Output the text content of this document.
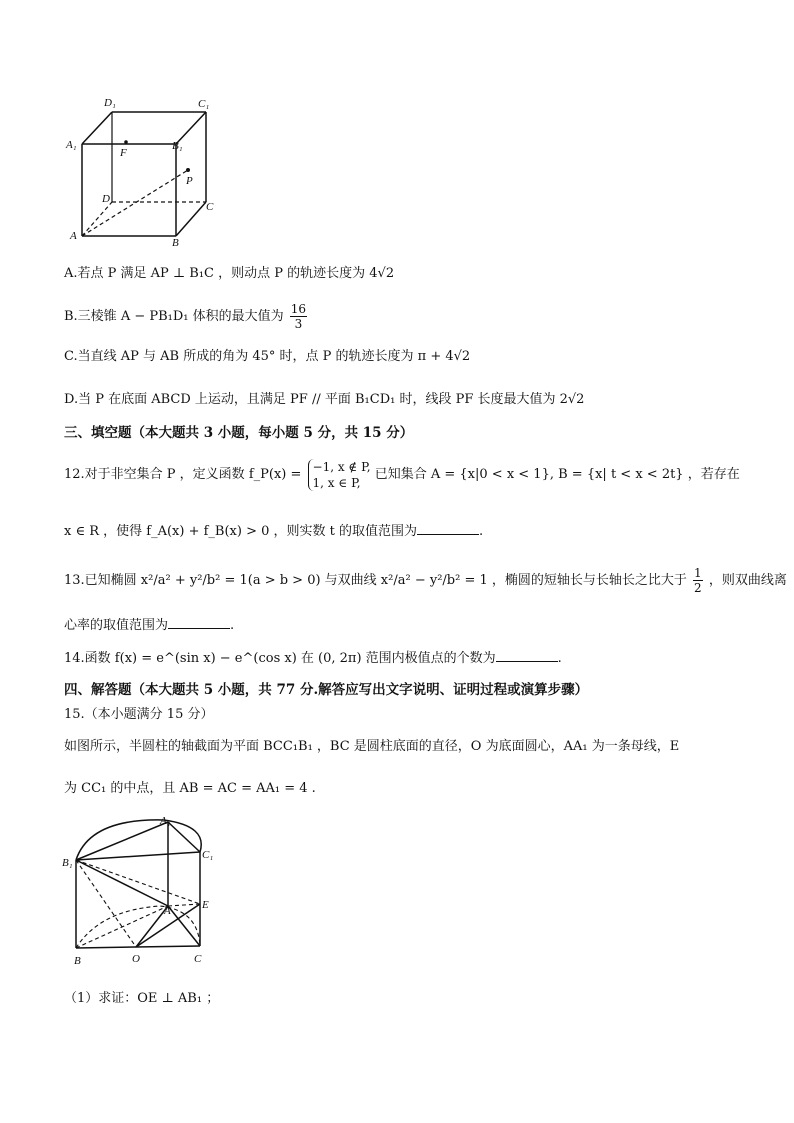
D₁	C₁
A₁	B₁
F
P
D
C
A
B
A.若点 P 满足 AP ⊥ B₁C ，则动点 P 的轨迹长度为 4√2
B.三棱锥 A − PB₁D₁ 体积的最大值为 $\frac{16}{3}$
C.当直线 AP 与 AB 所成的角为 45° 时，点 P 的轨迹长度为 π + 4√2
D.当 P 在底面 ABCD 上运动，且满足 PF // 平面 B₁CD₁ 时，线段 PF 长度最大值为 2√2
三、填空题（本大题共 3 小题，每小题 5 分，共 15 分）
12.对于非空集合 P ，定义函数 f_P(x) =
−1, x ∉ P,
1, x ∈ P,
已知集合 A = {x|0 < x < 1}, B = {x| t < x < 2t} ，若存在
x ∈ R ，使得 f_A(x) + f_B(x) > 0 ，则实数 t 的取值范围为	.
13.已知椭圆 x²/a² + y²/b² = 1(a > b > 0) 与双曲线 x²/a² − y²/b² = 1 ，椭圆的短轴长与长轴长之比大于 $\frac{1}{2}$ ，则双曲线离
心率的取值范围为	.
14.函数 f(x) = e^(sin x) − e^(cos x) 在 (0, 2π) 范围内极值点的个数为	.
四、解答题（本大题共 5 小题，共 77 分.解答应写出文字说明、证明过程或演算步骤）
15.（本小题满分 15 分）
如图所示，半圆柱的轴截面为平面 BCC₁B₁ ，BC 是圆柱底面的直径，O 为底面圆心，AA₁ 为一条母线，E
为 CC₁ 的中点，且 AB = AC = AA₁ = 4 .
A₁
B₁
C₁
A	E
B	O	C
（1）求证：OE ⊥ AB₁ ；
